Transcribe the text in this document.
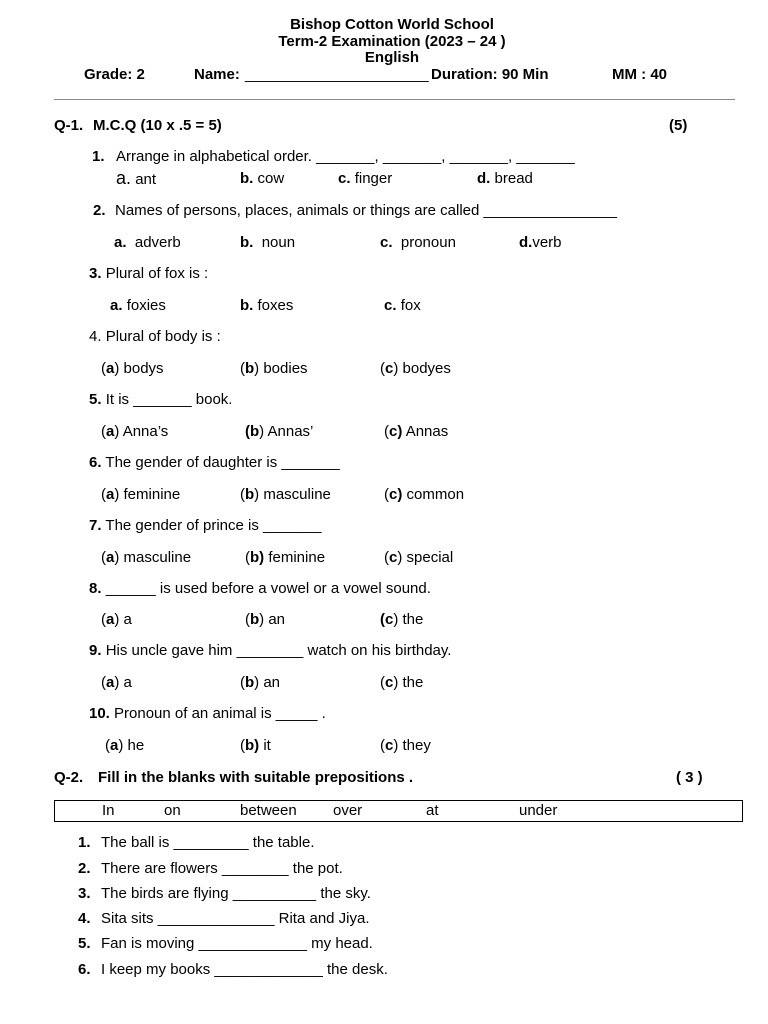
Bishop Cotton World School
Term-2 Examination (2023 – 24 )
English
Grade: 2	Name: ______________________ Duration: 90 Min	MM : 40
Q-1. M.C.Q (10 x .5 = 5)	(5)
1. Arrange in alphabetical order. _______, _______, _______, _______
a. ant	b. cow	c. finger	d. bread
2. Names of persons, places, animals or things are called ________________
a. adverb	b. noun	c. pronoun	d.verb
3. Plural of fox is :
a. foxies	b. foxes	c. fox
4. Plural of body is :
(a) bodys	(b) bodies	(c) bodyes
5. It is _______ book.
(a) Anna’s	(b) Annas’	(c) Annas
6. The gender of daughter is _______
(a) feminine	(b) masculine	(c) common
7. The gender of prince is _______
(a) masculine	(b) feminine	(c) special
8. ______ is used before a vowel or a vowel sound.
(a) a	(b) an	(c) the
9. His uncle gave him ________ watch on his birthday.
(a) a	(b) an	(c) the
10. Pronoun of an animal is _____ .
(a) he	(b) it	(c) they
Q-2. Fill in the blanks with suitable prepositions .	( 3 )
In	on	between over	at	under
1. The ball is _________ the table.
2. There are flowers ________ the pot.
3. The birds are flying __________ the sky.
4. Sita sits ______________ Rita and Jiya.
5. Fan is moving _____________ my head.
6. I keep my books _____________ the desk.
